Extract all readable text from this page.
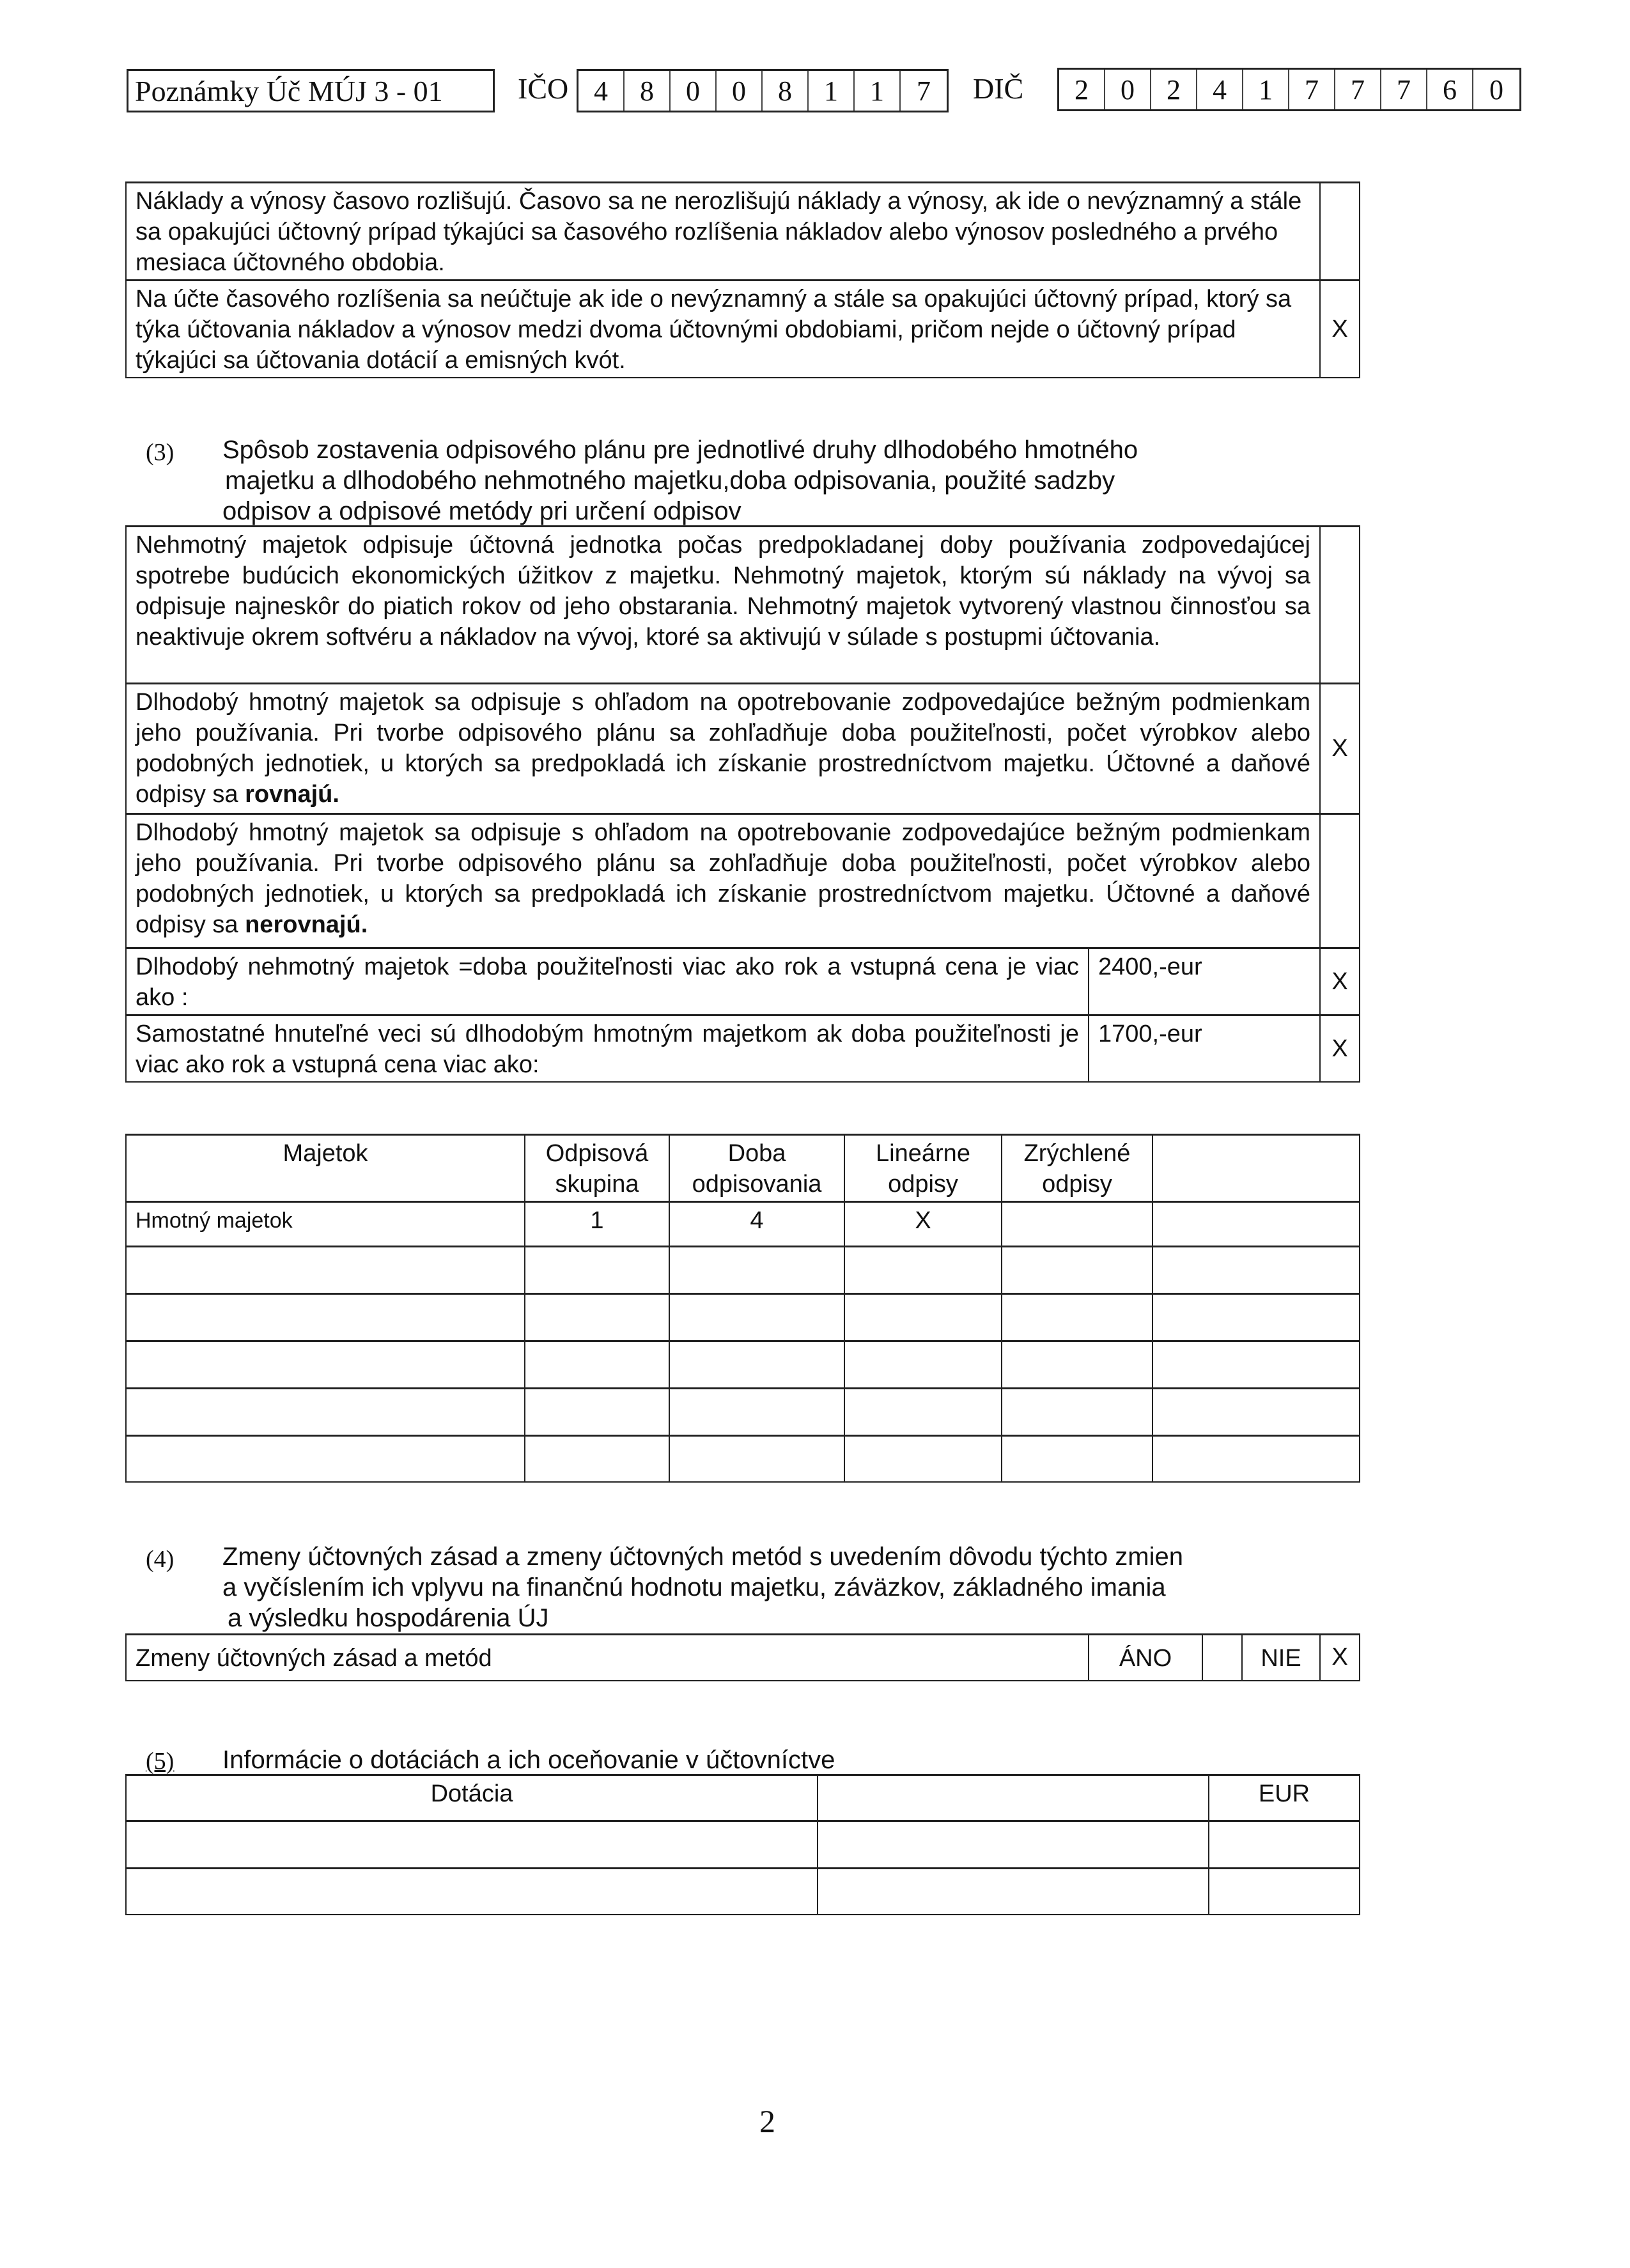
Poznámky Úč MÚJ 3 - 01	IČO 4	8	0	0	8	1	1	7	DIČ	2	0	2	4	1	7	7	7	6	0
Náklady a výnosy časovo rozlišujú. Časovo sa ne nerozlišujú náklady a výnosy, ak ide o nevýznamný a stále sa opakujúci účtovný prípad týkajúci sa časového rozlíšenia nákladov alebo výnosov posledného a prvého mesiaca účtovného obdobia.	
Na účte časového rozlíšenia sa neúčtuje ak ide o nevýznamný a stále sa opakujúci účtovný prípad, ktorý sa týka účtovania nákladov a výnosov medzi dvoma účtovnými obdobiami, pričom nejde o účtovný prípad týkajúci sa účtovania dotácií a emisných kvót.	X
(3) Spôsob zostavenia odpisového plánu pre jednotlivé druhy dlhodobého hmotného
majetku a dlhodobého nehmotného majetku,doba odpisovania, použité sadzby
odpisov a odpisové metódy pri určení odpisov
Nehmotný majetok odpisuje účtovná jednotka počas predpokladanej doby používania zodpovedajúcej spotrebe budúcich ekonomických úžitkov z majetku. Nehmotný majetok, ktorým sú náklady na vývoj sa odpisuje najneskôr do piatich rokov od jeho obstarania. Nehmotný majetok vytvorený vlastnou činnosťou sa neaktivuje okrem softvéru a nákladov na vývoj, ktoré sa aktivujú v súlade s postupmi účtovania.	
Dlhodobý hmotný majetok sa odpisuje s ohľadom na opotrebovanie zodpovedajúce bežným podmienkam jeho používania. Pri tvorbe odpisového plánu sa zohľadňuje doba použiteľnosti, počet výrobkov alebo podobných jednotiek, u ktorých sa predpokladá ich získanie prostredníctvom majetku. Účtovné a daňové odpisy sa rovnajú.	X
Dlhodobý hmotný majetok sa odpisuje s ohľadom na opotrebovanie zodpovedajúce bežným podmienkam jeho používania. Pri tvorbe odpisového plánu sa zohľadňuje doba použiteľnosti, počet výrobkov alebo podobných jednotiek, u ktorých sa predpokladá ich získanie prostredníctvom majetku. Účtovné a daňové odpisy sa nerovnajú.	
Dlhodobý nehmotný majetok =doba použiteľnosti viac ako rok a vstupná cena je viac ako :	2400,-eur	X
Samostatné hnuteľné veci sú dlhodobým hmotným majetkom ak doba použiteľnosti je viac ako rok a vstupná cena viac ako:	1700,-eur	X
Majetok	Odpisová skupina	Doba odpisovania	Lineárne odpisy	Zrýchlené odpisy	
Hmotný majetok	1	4	X		

(4) Zmeny účtovných zásad a zmeny účtovných metód s uvedením dôvodu týchto zmien
a vyčíslením ich vplyvu na finančnú hodnotu majetku, záväzkov, základného imania
a výsledku hospodárenia ÚJ
Zmeny účtovných zásad a metód	ÁNO		NIE	X
(5) Informácie o dotáciách a ich oceňovanie v účtovníctve
Dotácia		EUR

2
